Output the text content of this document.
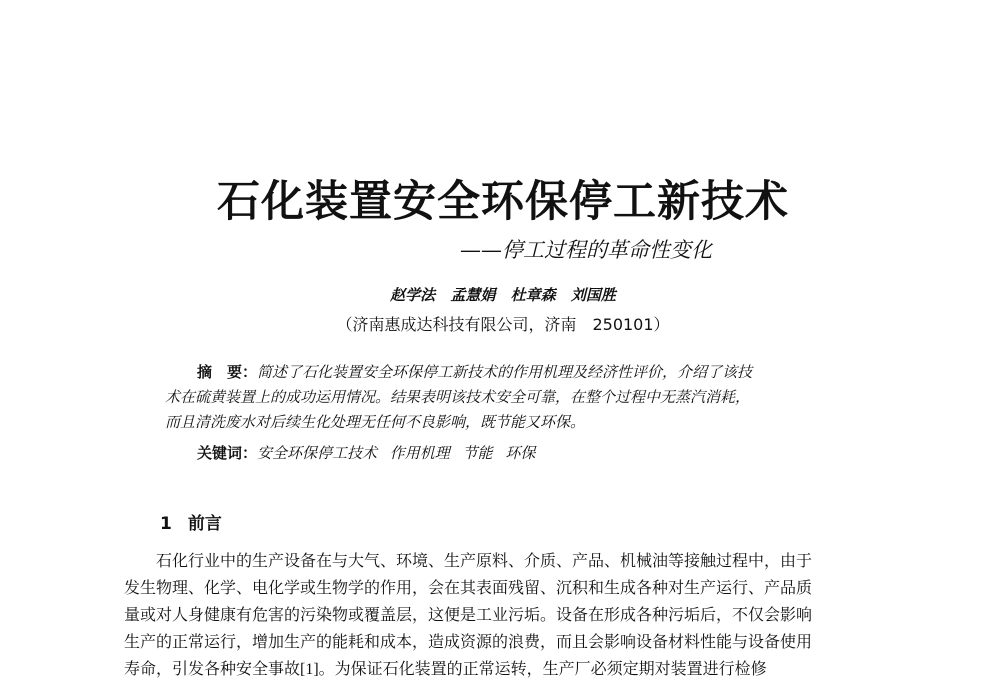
石化装置安全环保停工新技术
——停工过程的革命性变化
赵学法 孟慧娟 杜章森 刘国胜
（济南惠成达科技有限公司，济南　250101）
摘　要：简述了石化装置安全环保停工新技术的作用机理及经济性评价，介绍了该技
术在硫黄装置上的成功运用情况。结果表明该技术安全可靠，在整个过程中无蒸汽消耗，
而且清洗废水对后续生化处理无任何不良影响，既节能又环保。
关键词：安全环保停工技术 作用机理 节能 环保
1 前言
石化行业中的生产设备在与大气、环境、生产原料、介质、产品、机械油等接触过程中，由于
发生物理、化学、电化学或生物学的作用，会在其表面残留、沉积和生成各种对生产运行、产品质
量或对人身健康有危害的污染物或覆盖层，这便是工业污垢。设备在形成各种污垢后，不仅会影响
生产的正常运行，增加生产的能耗和成本，造成资源的浪费，而且会影响设备材料性能与设备使用
寿命，引发各种安全事故[1]。为保证石化装置的正常运转，生产厂必须定期对装置进行检修
